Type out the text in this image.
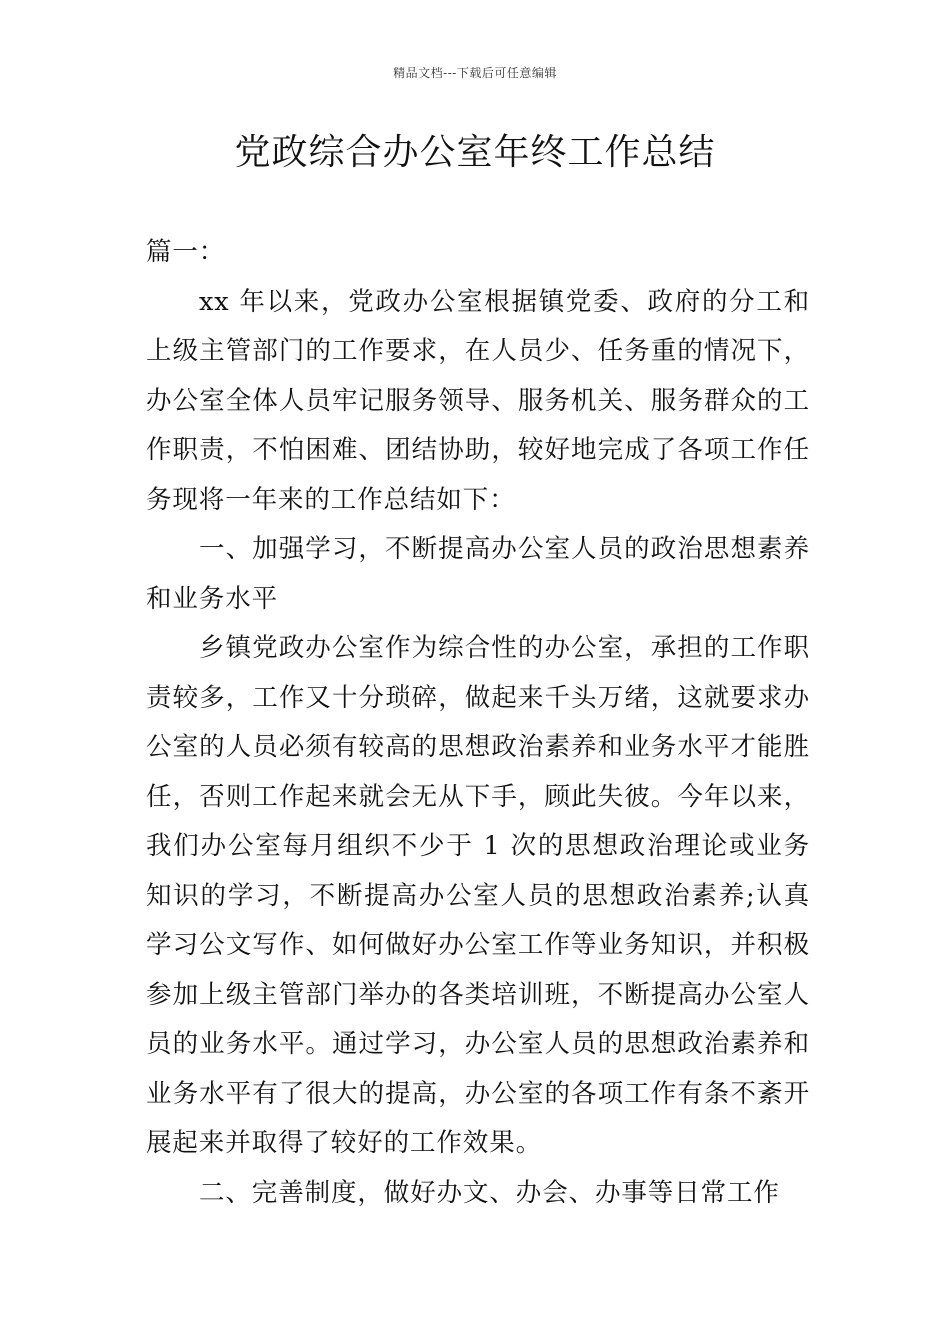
精品文档---下载后可任意编辑
党政综合办公室年终工作总结

篇一：

xx 年以来，党政办公室根据镇党委、政府的分工和上级主管部门的工作要求，在人员少、任务重的情况下，办公室全体人员牢记服务领导、服务机关、服务群众的工作职责，不怕困难、团结协助，较好地完成了各项工作任务现将一年来的工作总结如下：

一、加强学习，不断提高办公室人员的政治思想素养和业务水平

乡镇党政办公室作为综合性的办公室，承担的工作职责较多，工作又十分琐碎，做起来千头万绪，这就要求办公室的人员必须有较高的思想政治素养和业务水平才能胜任，否则工作起来就会无从下手，顾此失彼。今年以来，我们办公室每月组织不少于 1 次的思想政治理论或业务知识的学习，不断提高办公室人员的思想政治素养;认真学习公文写作、如何做好办公室工作等业务知识，并积极参加上级主管部门举办的各类培训班，不断提高办公室人员的业务水平。通过学习，办公室人员的思想政治素养和业务水平有了很大的提高，办公室的各项工作有条不紊开展起来并取得了较好的工作效果。

二、完善制度，做好办文、办会、办事等日常工作
